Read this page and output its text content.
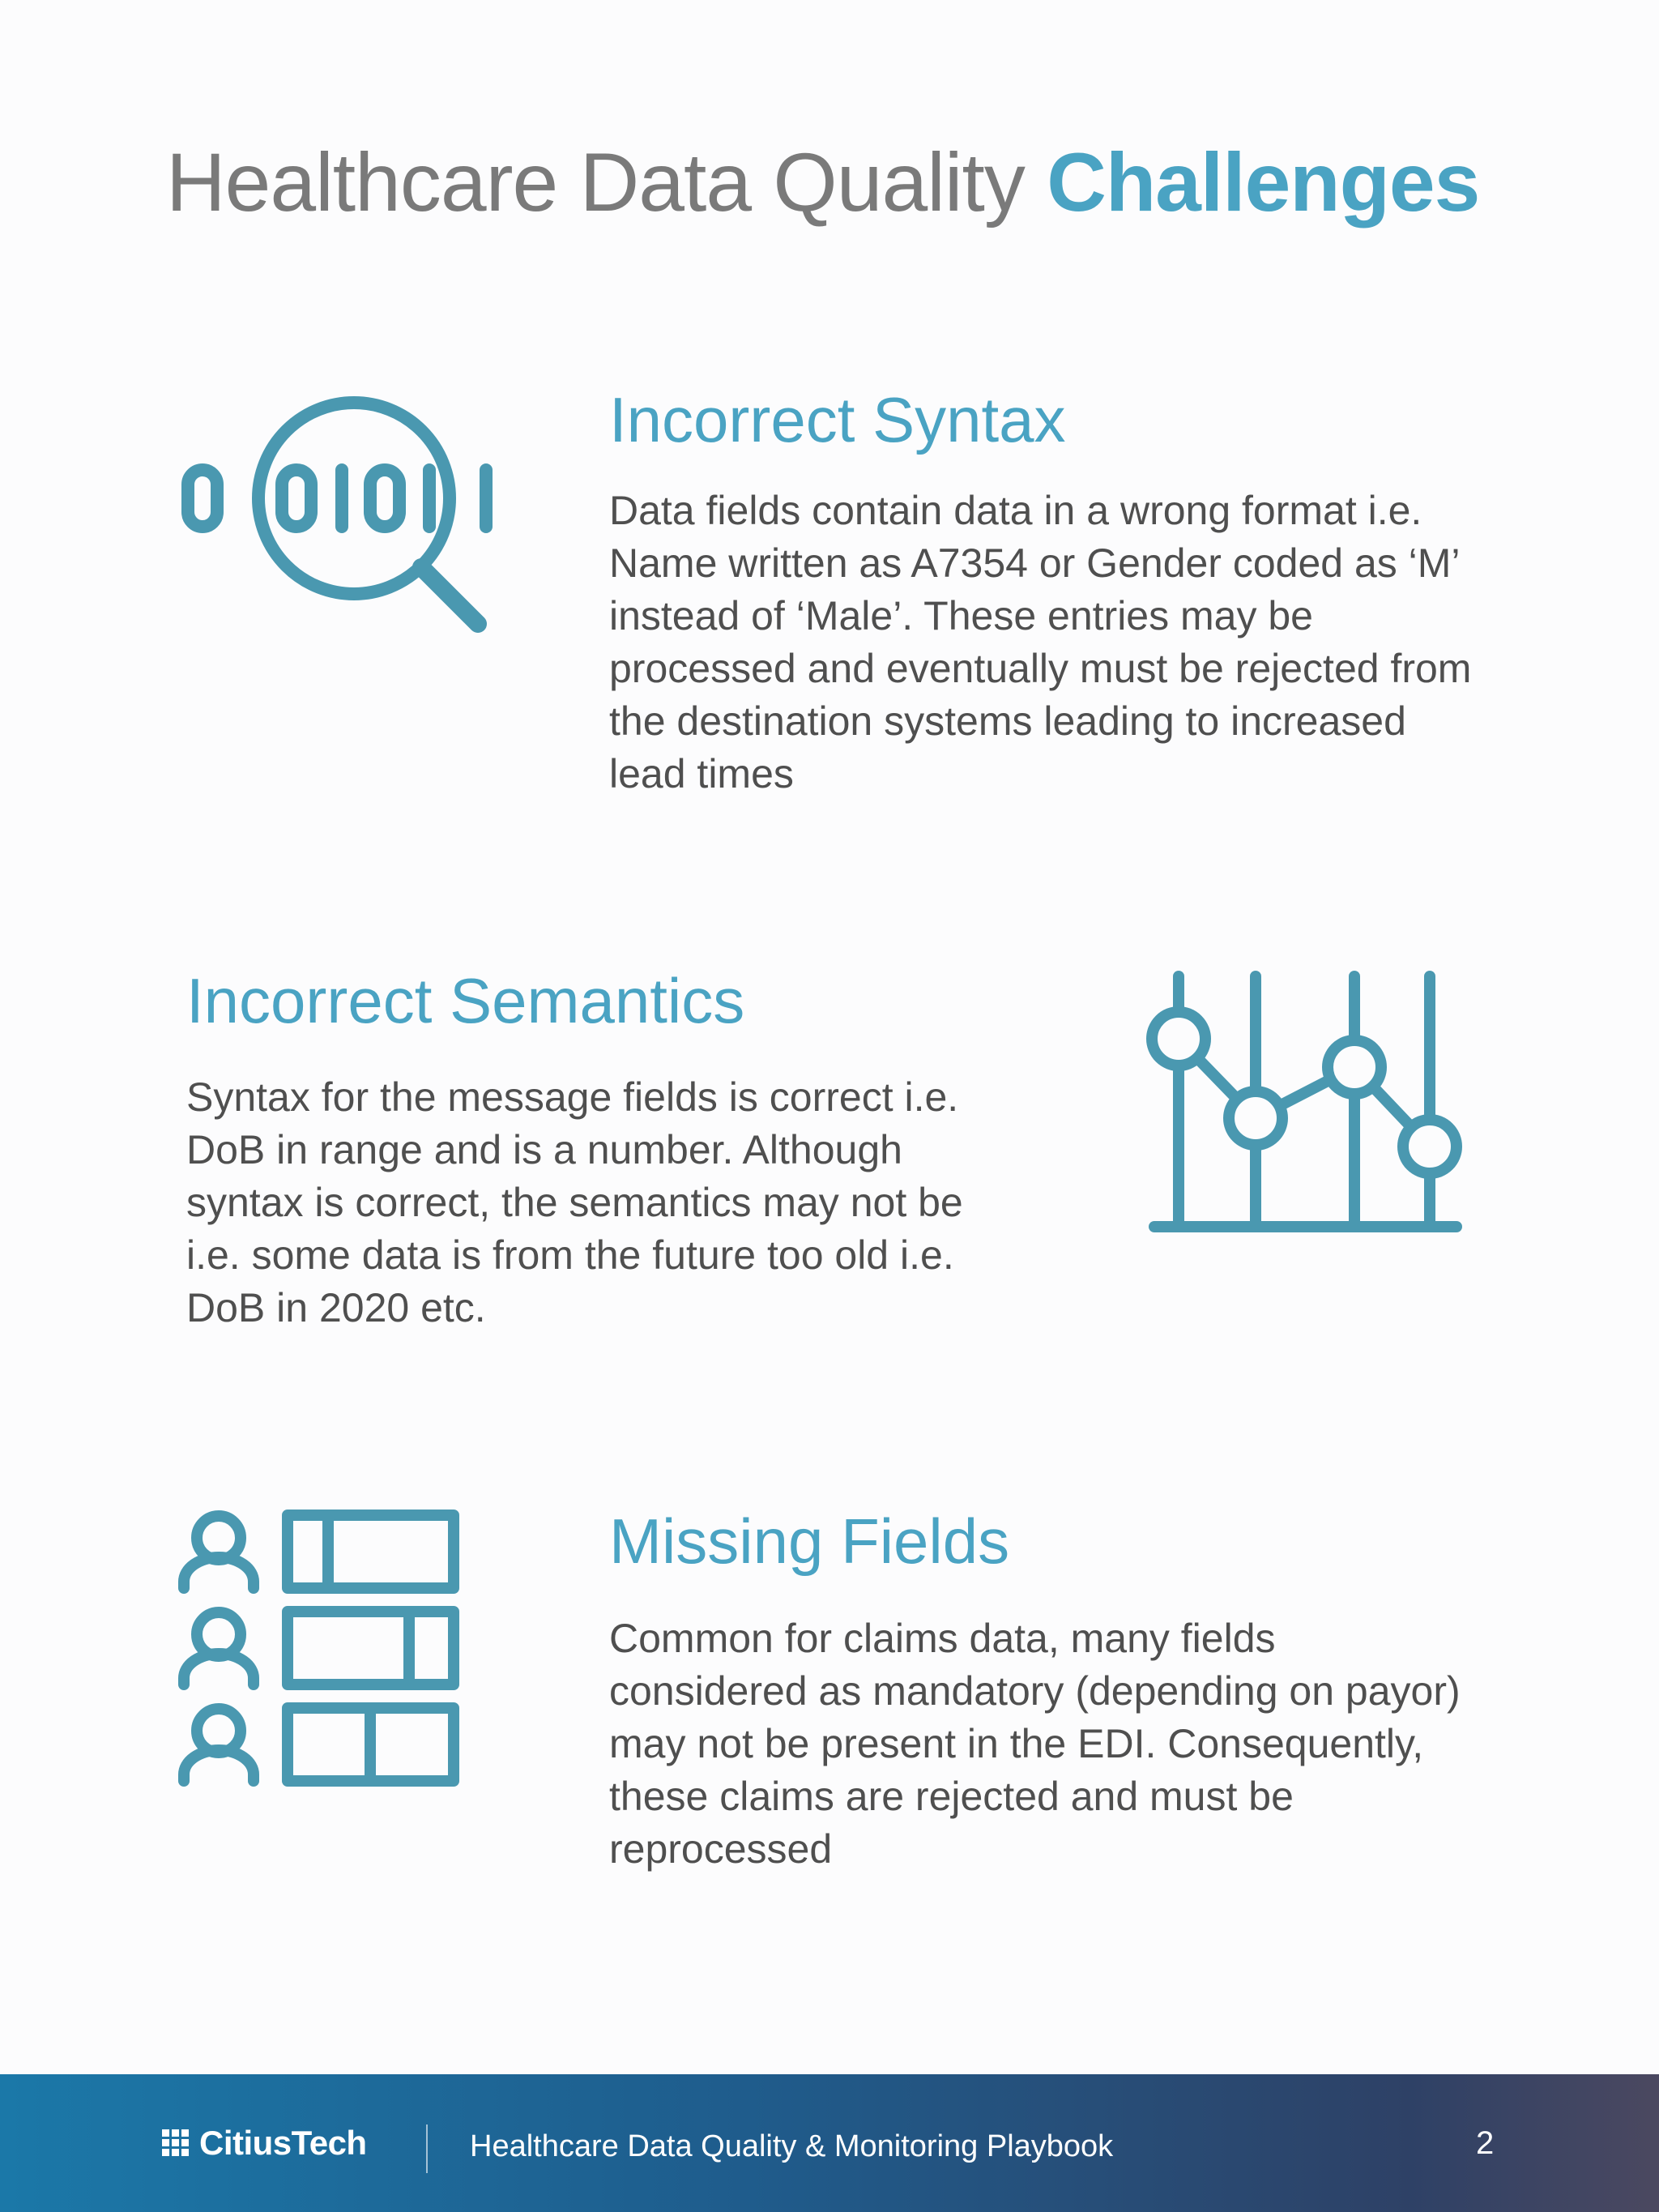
Healthcare Data Quality Challenges
Incorrect Syntax
Data fields contain data in a wrong format i.e. Name written as A7354 or Gender coded as ‘M’ instead of ‘Male’. These entries may be processed and eventually must be rejected from the destination systems leading to increased lead times
Incorrect Semantics
Syntax for the message fields is correct i.e. DoB in range and is a number. Although syntax is correct, the semantics may not be i.e. some data is from the future too old i.e. DoB in 2020 etc.
Missing Fields
Common for claims data, many fields considered as mandatory (depending on payor) may not be present in the EDI. Consequently, these claims are rejected and must be reprocessed
CitiusTech	Healthcare Data Quality & Monitoring Playbook	2
